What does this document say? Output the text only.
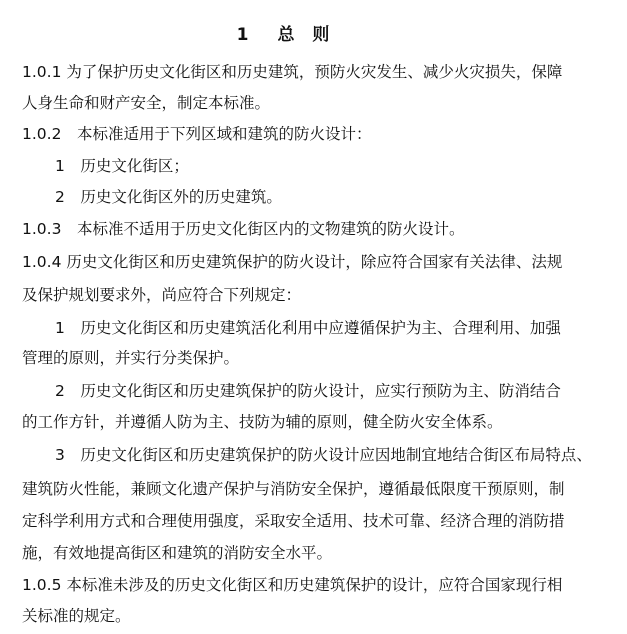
1　总 则
1.0.1 为了保护历史文化街区和历史建筑，预防火灾发生、减少火灾损失，保障
人身生命和财产安全，制定本标准。
1.0.2　本标准适用于下列区域和建筑的防火设计：
1　历史文化街区；
2　历史文化街区外的历史建筑。
1.0.3　本标准不适用于历史文化街区内的文物建筑的防火设计。
1.0.4 历史文化街区和历史建筑保护的防火设计，除应符合国家有关法律、法规
及保护规划要求外，尚应符合下列规定：
1　历史文化街区和历史建筑活化利用中应遵循保护为主、合理利用、加强
管理的原则，并实行分类保护。
2　历史文化街区和历史建筑保护的防火设计，应实行预防为主、防消结合
的工作方针，并遵循人防为主、技防为辅的原则，健全防火安全体系。
3　历史文化街区和历史建筑保护的防火设计应因地制宜地结合街区布局特点、
建筑防火性能，兼顾文化遗产保护与消防安全保护，遵循最低限度干预原则，制
定科学利用方式和合理使用强度，采取安全适用、技术可靠、经济合理的消防措
施，有效地提高街区和建筑的消防安全水平。
1.0.5 本标准未涉及的历史文化街区和历史建筑保护的设计，应符合国家现行相
关标准的规定。
